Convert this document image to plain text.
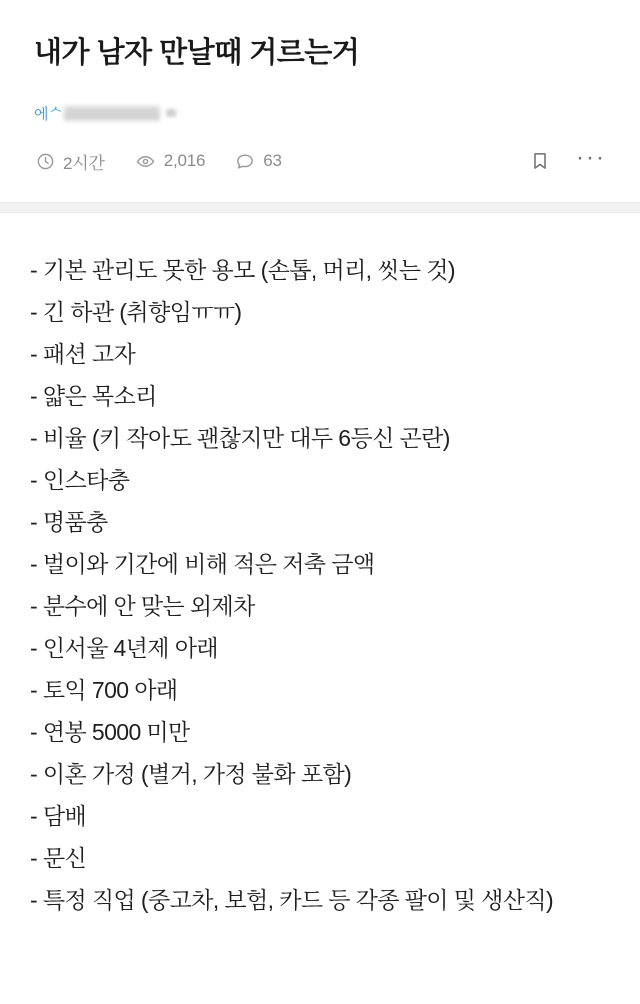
내가 남자 만날때 거르는거
에ᄉ
2시간	2,016	63	···
- 기본 관리도 못한 용모 (손톱, 머리, 씻는 것)
- 긴 하관 (취향임ㅠㅠ)
- 패션 고자
- 얇은 목소리
- 비율 (키 작아도 괜찮지만 대두 6등신 곤란)
- 인스타충
- 명품충
- 벌이와 기간에 비해 적은 저축 금액
- 분수에 안 맞는 외제차
- 인서울 4년제 아래
- 토익 700 아래
- 연봉 5000 미만
- 이혼 가정 (별거, 가정 불화 포함)
- 담배
- 문신
- 특정 직업 (중고차, 보험, 카드 등 각종 팔이 및 생산직)
